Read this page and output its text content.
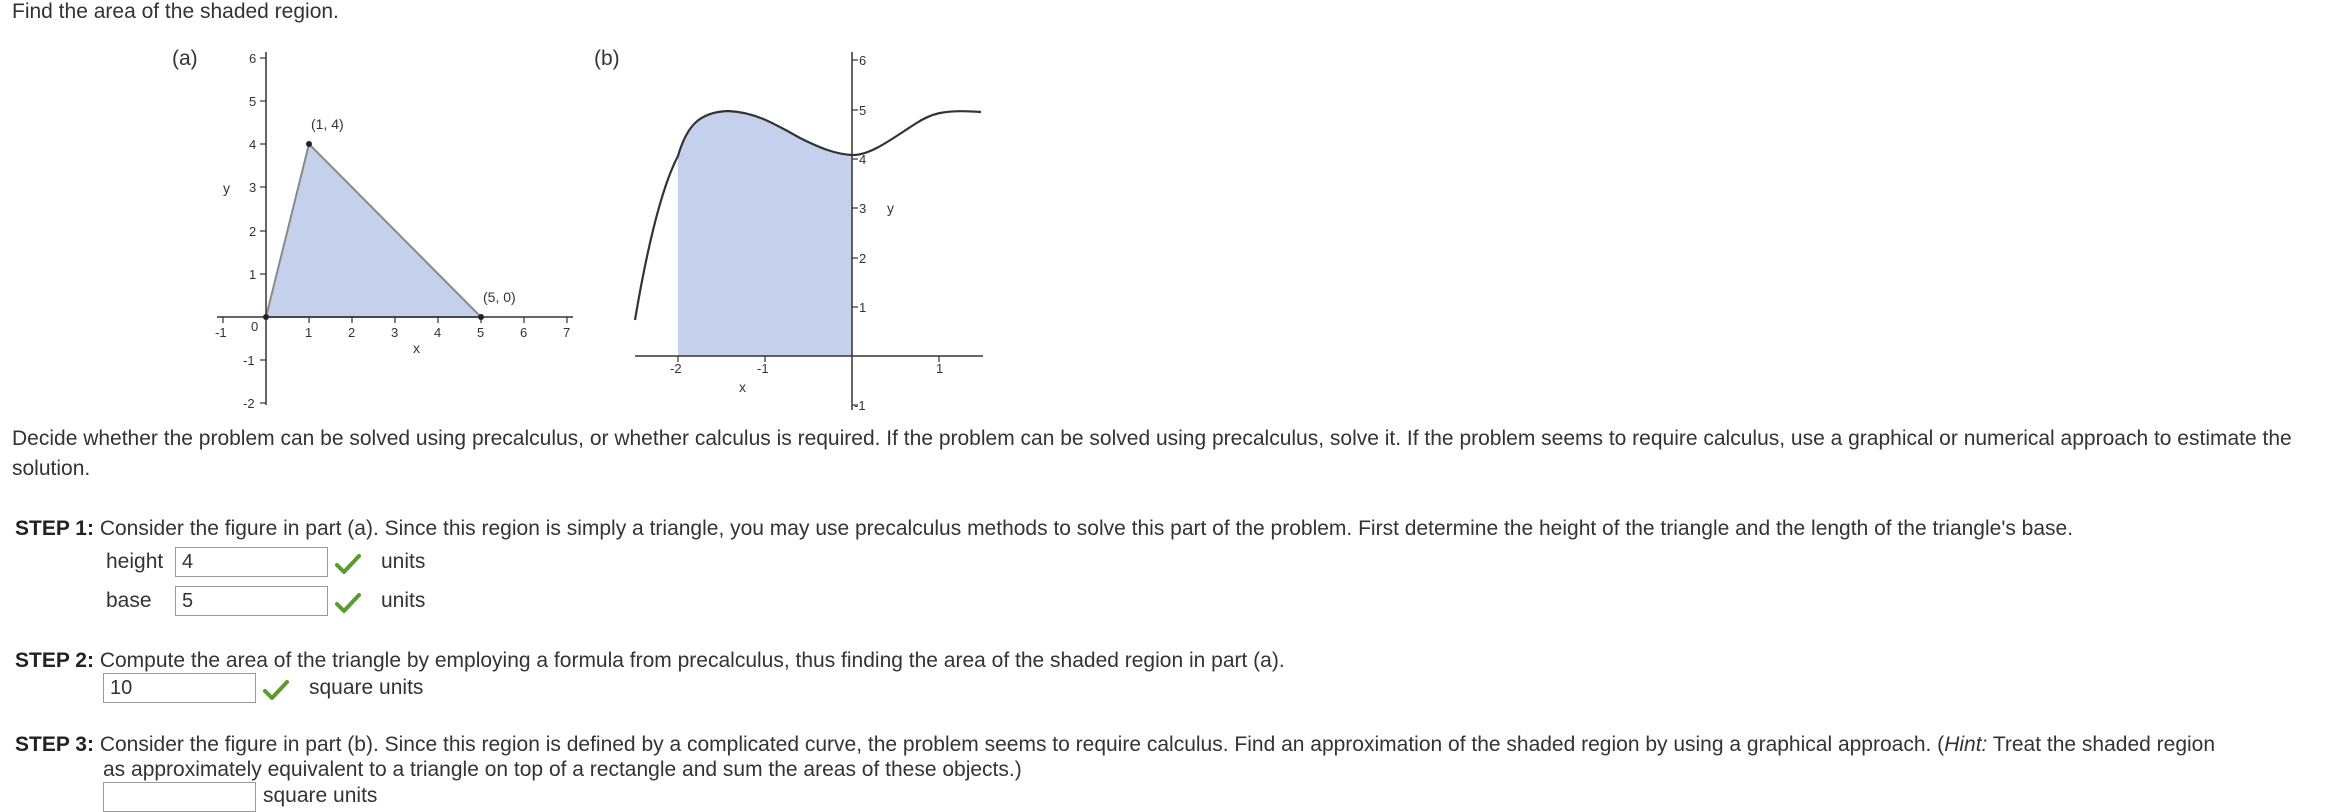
Find the area of the shaded region.
(a)
-1 0	1	2	3	4	5	6	7
6
5
4
3
2
1
-1
-2
x
y
(1, 4)
(5, 0)
(b)
-2	-1	1
6
5
4
3
2
1
-1
x
y
Decide whether the problem can be solved using precalculus, or whether calculus is required. If the problem can be solved using precalculus, solve it. If the problem seems to require calculus, use a graphical or numerical approach to estimate the solution.
STEP 1: Consider the figure in part (a). Since this region is simply a triangle, you may use precalculus methods to solve this part of the problem. First determine the height of the triangle and the length of the triangle's base.
height 4	units
base	5	units
STEP 2: Compute the area of the triangle by employing a formula from precalculus, thus finding the area of the shaded region in part (a).
10	square units
STEP 3: Consider the figure in part (b). Since this region is defined by a complicated curve, the problem seems to require calculus. Find an approximation of the shaded region by using a graphical approach. (Hint: Treat the shaded region
as approximately equivalent to a triangle on top of a rectangle and sum the areas of these objects.)
square units
